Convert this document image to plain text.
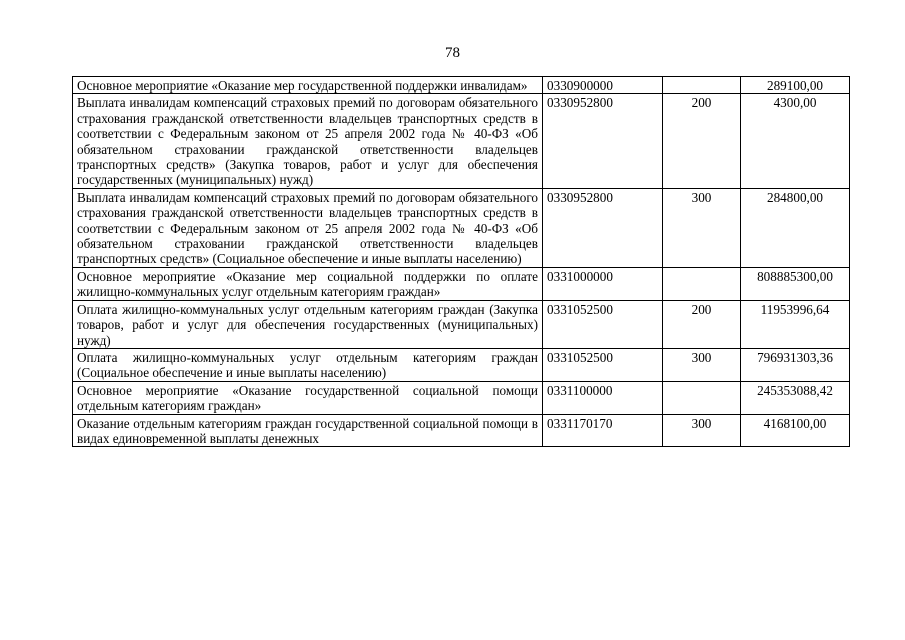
78
Основное мероприятие «Оказание мер государственной поддержки инвалидам»	0330900000		289100,00
Выплата инвалидам компенсаций страховых премий по договорам обязательного страхования гражданской ответственности владельцев транспортных средств в соответствии с Федеральным законом от 25 апреля 2002 года № 40-ФЗ «Об обязательном страховании гражданской ответственности владельцев транспортных средств» (Закупка товаров, работ и услуг для обеспечения государственных (муниципальных) нужд)	0330952800	200	4300,00
Выплата инвалидам компенсаций страховых премий по договорам обязательного страхования гражданской ответственности владельцев транспортных средств в соответствии с Федеральным законом от 25 апреля 2002 года № 40-ФЗ «Об обязательном страховании гражданской ответственности владельцев транспортных средств» (Социальное обеспечение и иные выплаты населению)	0330952800	300	284800,00
Основное мероприятие «Оказание мер социальной поддержки по оплате жилищно-коммунальных услуг отдельным категориям граждан»	0331000000		808885300,00
Оплата жилищно-коммунальных услуг отдельным категориям граждан (Закупка товаров, работ и услуг для обеспечения государственных (муниципальных) нужд)	0331052500	200	11953996,64
Оплата жилищно-коммунальных услуг отдельным категориям граждан (Социальное обеспечение и иные выплаты населению)	0331052500	300	796931303,36
Основное мероприятие «Оказание государственной социальной помощи отдельным категориям граждан»	0331100000		245353088,42

Оказание отдельным категориям граждан государственной социальной помощи в видах единовременной выплаты денежных	0331170170	300	4168100,00
